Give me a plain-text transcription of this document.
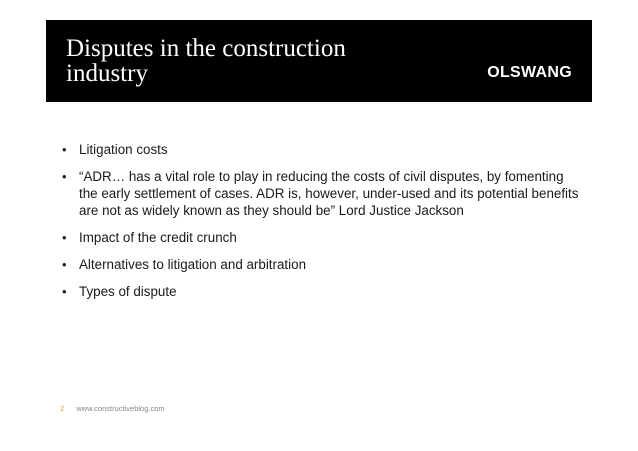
Disputes in the construction industry	OLSWANG
• Litigation costs
• “ADR… has a vital role to play in reducing the costs of civil disputes, by fomenting the early settlement of cases. ADR is, however, under-used and its potential benefits are not as widely known as they should be” Lord Justice Jackson
• Impact of the credit crunch
• Alternatives to litigation and arbitration
• Types of dispute
2 www.constructiveblog.com
